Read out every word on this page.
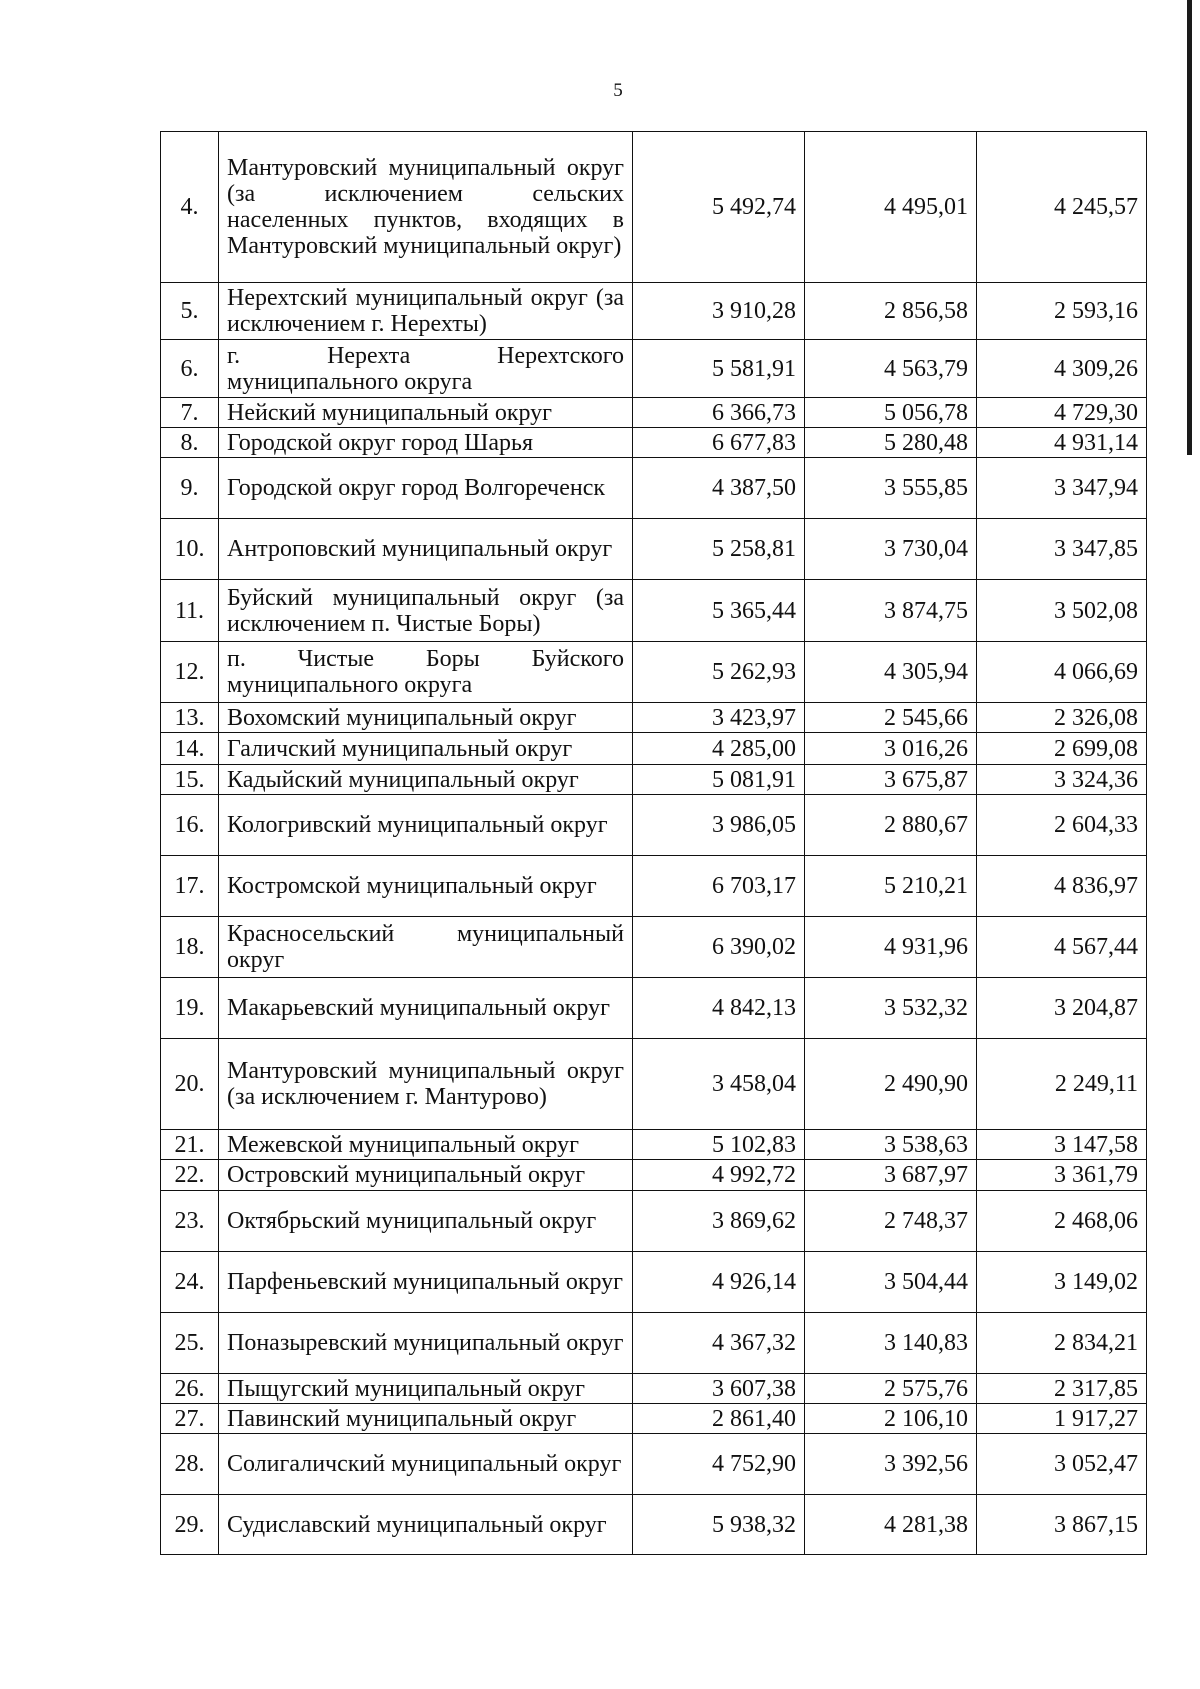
5
4.	Мантуровский муниципальный округ (за исключением сельских населенных пунктов, входящих в Мантуровский муниципальный округ)	5 492,74	4 495,01	4 245,57
5.	Нерехтский муниципальный округ (за исключением г. Нерехты)	3 910,28	2 856,58	2 593,16
6.	г. Нерехта Нерехтского муниципального округа	5 581,91	4 563,79	4 309,26
7.	Нейский муниципальный округ	6 366,73	5 056,78	4 729,30
8.	Городской округ город Шарья	6 677,83	5 280,48	4 931,14
9.	Городской округ город Волгореченск	4 387,50	3 555,85	3 347,94
10.	Антроповский муниципальный округ	5 258,81	3 730,04	3 347,85
11.	Буйский муниципальный округ (за исключением п. Чистые Боры)	5 365,44	3 874,75	3 502,08
12.	п. Чистые Боры Буйского муниципального округа	5 262,93	4 305,94	4 066,69
13.	Вохомский муниципальный округ	3 423,97	2 545,66	2 326,08
14.	Галичский муниципальный округ	4 285,00	3 016,26	2 699,08
15.	Кадыйский муниципальный округ	5 081,91	3 675,87	3 324,36
16.	Кологривский муниципальный округ	3 986,05	2 880,67	2 604,33
17.	Костромской муниципальный округ	6 703,17	5 210,21	4 836,97
18.	Красносельский муниципальный округ	6 390,02	4 931,96	4 567,44
19.	Макарьевский муниципальный округ	4 842,13	3 532,32	3 204,87
20.	Мантуровский муниципальный округ (за исключением г. Мантурово)	3 458,04	2 490,90	2 249,11
21.	Межевской муниципальный округ	5 102,83	3 538,63	3 147,58
22.	Островский муниципальный округ	4 992,72	3 687,97	3 361,79
23.	Октябрьский муниципальный округ	3 869,62	2 748,37	2 468,06
24.	Парфеньевский муниципальный округ	4 926,14	3 504,44	3 149,02
25.	Поназыревский муниципальный округ	4 367,32	3 140,83	2 834,21
26.	Пыщугский муниципальный округ	3 607,38	2 575,76	2 317,85
27.	Павинский муниципальный округ	2 861,40	2 106,10	1 917,27
28.	Солигаличский муниципальный округ	4 752,90	3 392,56	3 052,47
29.	Судиславский муниципальный округ	5 938,32	4 281,38	3 867,15
